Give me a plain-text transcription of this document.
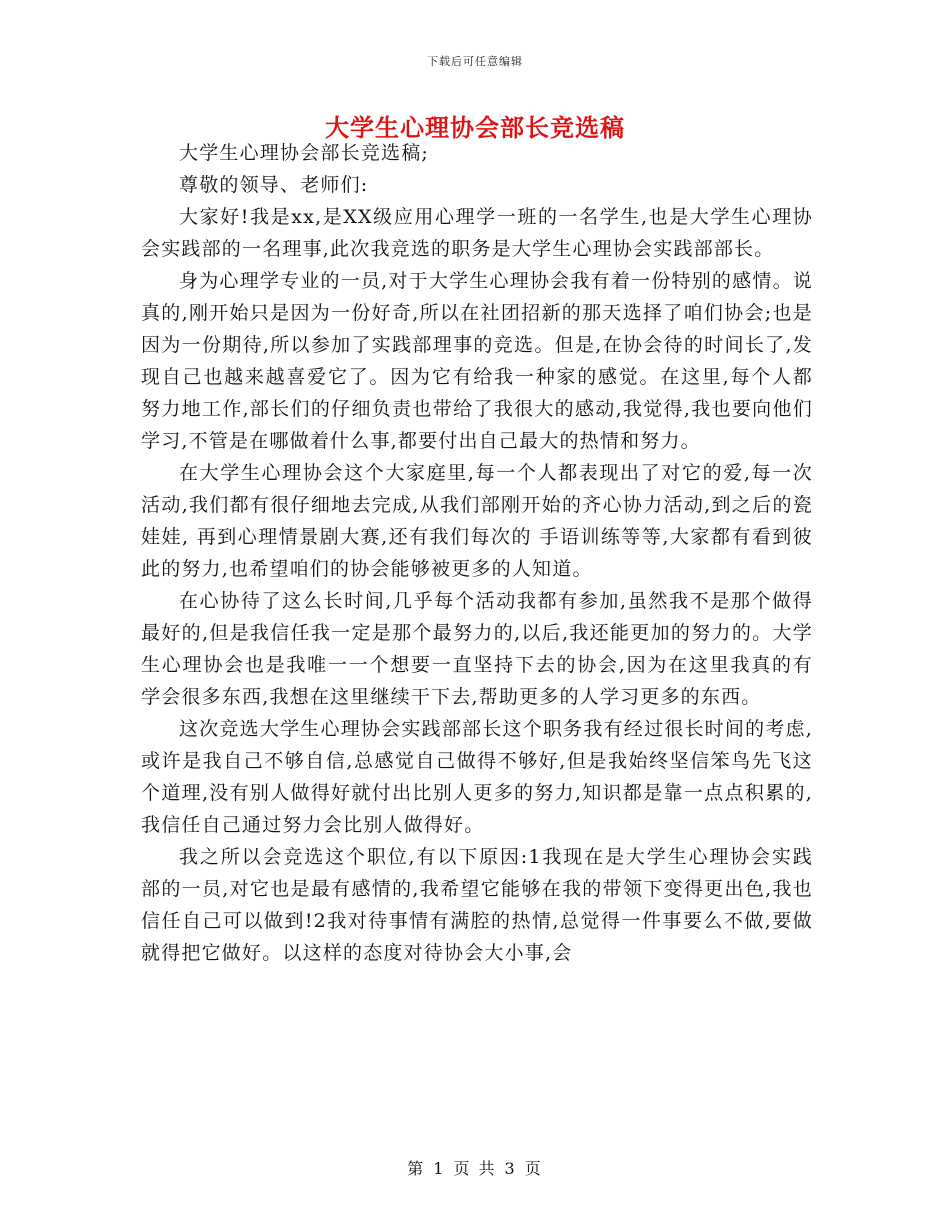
下载后可任意编辑
大学生心理协会部长竞选稿

大学生心理协会部长竞选稿;

尊敬的领导、老师们:

大家好!我是xx,是XX级应用心理学一班的一名学生,也是大学生心理协会实践部的一名理事,此次我竞选的职务是大学生心理协会实践部部长。

身为心理学专业的一员,对于大学生心理协会我有着一份特别的感情。说真的,刚开始只是因为一份好奇,所以在社团招新的那天选择了咱们协会;也是因为一份期待,所以参加了实践部理事的竞选。但是,在协会待的时间长了,发现自己也越来越喜爱它了。因为它有给我一种家的感觉。在这里,每个人都努力地工作,部长们的仔细负责也带给了我很大的感动,我觉得,我也要向他们学习,不管是在哪做着什么事,都要付出自己最大的热情和努力。

在大学生心理协会这个大家庭里,每一个人都表现出了对它的爱,每一次活动,我们都有很仔细地去完成,从我们部刚开始的齐心协力活动,到之后的瓷娃娃, 再到心理情景剧大赛,还有我们每次的 手语训练等等,大家都有看到彼此的努力,也希望咱们的协会能够被更多的人知道。

在心协待了这么长时间,几乎每个活动我都有参加,虽然我不是那个做得最好的,但是我信任我一定是那个最努力的,以后,我还能更加的努力的。大学生心理协会也是我唯一一个想要一直坚持下去的协会,因为在这里我真的有学会很多东西,我想在这里继续干下去,帮助更多的人学习更多的东西。

这次竞选大学生心理协会实践部部长这个职务我有经过很长时间的考虑,或许是我自己不够自信,总感觉自己做得不够好,但是我始终坚信笨鸟先飞这个道理,没有别人做得好就付出比别人更多的努力,知识都是靠一点点积累的,我信任自己通过努力会比别人做得好。

我之所以会竞选这个职位,有以下原因:1我现在是大学生心理协会实践部的一员,对它也是最有感情的,我希望它能够在我的带领下变得更出色,我也信任自己可以做到!2我对待事情有满腔的热情,总觉得一件事要么不做,要做就得把它做好。以这样的态度对待协会大小事,会

第 1 页 共 3 页
